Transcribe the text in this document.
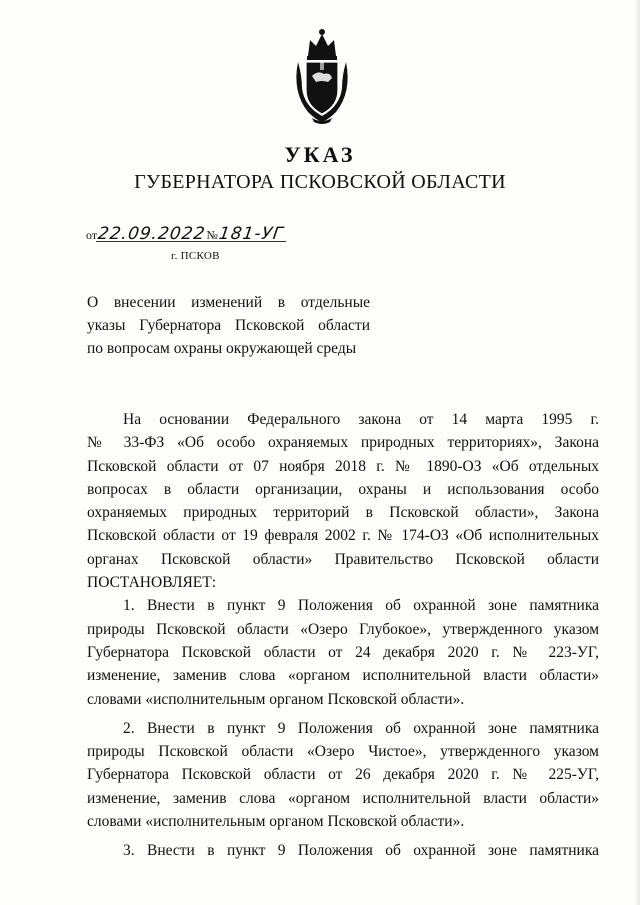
УКАЗ
ГУБЕРНАТОРА ПСКОВСКОЙ ОБЛАСТИ
от22.09.2022№181-УГ
г. ПСКОВ
О внесении изменений в отдельные
указы Губернатора Псковской области
по вопросам охраны окружающей среды
На основании Федерального закона от 14 марта 1995 г.
№ 33-ФЗ «Об особо охраняемых природных территориях», Закона
Псковской области от 07 ноября 2018 г. № 1890-ОЗ «Об отдельных
вопросах в области организации, охраны и использования особо
охраняемых природных территорий в Псковской области», Закона
Псковской области от 19 февраля 2002 г. № 174-ОЗ «Об исполнительных
органах Псковской области» Правительство Псковской области
ПОСТАНОВЛЯЕТ:
1. Внести в пункт 9 Положения об охранной зоне памятника
природы Псковской области «Озеро Глубокое», утвержденного указом
Губернатора Псковской области от 24 декабря 2020 г. № 223-УГ,
изменение, заменив слова «органом исполнительной власти области»
словами «исполнительным органом Псковской области».
2. Внести в пункт 9 Положения об охранной зоне памятника
природы Псковской области «Озеро Чистое», утвержденного указом
Губернатора Псковской области от 26 декабря 2020 г. № 225-УГ,
изменение, заменив слова «органом исполнительной власти области»
словами «исполнительным органом Псковской области».
3. Внести в пункт 9 Положения об охранной зоне памятника
